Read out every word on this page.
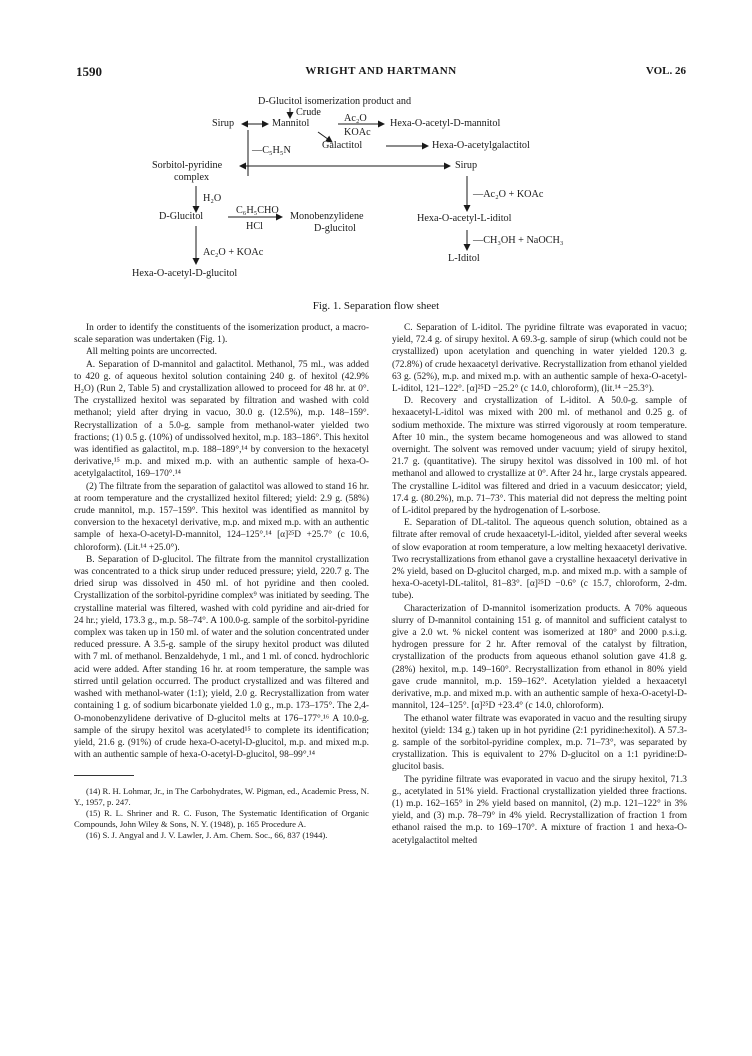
1590	WRIGHT AND HARTMANN	VOL. 26
D-Glucitol isomerization product and
Crude
Sirup	Mannitol	Ac₂O
KOAc
Hexa-O-acetyl-D-mannitol
Galactitol	Hexa-O-acetylgalactitol
—C₅H₅N
Sorbitol-pyridine
complex
Sirup
H₂O
D-Glucitol
C₆H₅CHO
HCl
Monobenzylidene
D-glucitol
—Ac₂O + KOAc
Hexa-O-acetyl-L-iditol
—CH₃OH + NaOCH₃
L-Iditol
Ac₂O + KOAc
Hexa-O-acetyl-D-glucitol
Fig. 1. Separation flow sheet

In order to identify the constituents of the isomerization product, a macro-scale separation was undertaken (Fig. 1).

All melting points are uncorrected.

A. Separation of D-mannitol and galactitol. Methanol, 75 ml., was added to 420 g. of aqueous hexitol solution containing 240 g. of hexitol (42.9% H₂O) (Run 2, Table 5) and crystallization allowed to proceed for 48 hr. at 0°. The crystallized hexitol was separated by filtration and washed with cold methanol; yield after drying in vacuo, 30.0 g. (12.5%), m.p. 148–159°. Recrystallization of a 5.0-g. sample from methanol-water yielded two fractions; (1) 0.5 g. (10%) of undissolved hexitol, m.p. 183–186°. This hexitol was identified as galactitol, m.p. 188–189°,¹⁴ by conversion to the hexacetyl derivative,¹⁵ m.p. and mixed m.p. with an authentic sample of hexa-O-acetylgalactitol, 169–170°.¹⁴

(2) The filtrate from the separation of galactitol was allowed to stand 16 hr. at room temperature and the crystallized hexitol filtered; yield: 2.9 g. (58%) crude mannitol, m.p. 157–159°. This hexitol was identified as mannitol by conversion to the hexacetyl derivative, m.p. and mixed m.p. with an authentic sample of hexa-O-acetyl-D-mannitol, 124–125°.¹⁴ [α]²⁵D +25.7° (c 10.6, chloroform). (Lit.¹⁴ +25.0°).

B. Separation of D-glucitol. The filtrate from the mannitol crystallization was concentrated to a thick sirup under reduced pressure; yield, 220.7 g. The dried sirup was dissolved in 450 ml. of hot pyridine and then cooled. Crystallization of the sorbitol-pyridine complex⁹ was initiated by seeding. The crystalline material was filtered, washed with cold pyridine and air-dried for 24 hr.; yield, 173.3 g., m.p. 58–74°. A 100.0-g. sample of the sorbitol-pyridine complex was taken up in 150 ml. of water and the solution concentrated under reduced pressure. A 3.5-g. sample of the sirupy hexitol product was diluted with 7 ml. of methanol. Benzaldehyde, 1 ml., and 1 ml. of concd. hydrochloric acid were added. After standing 16 hr. at room temperature, the sample was stirred until gelation occurred. The product crystallized and was filtered and washed with methanol-water (1:1); yield, 2.0 g. Recrystallization from water containing 1 g. of sodium bicarbonate yielded 1.0 g., m.p. 173–175°. The 2,4-O-monobenzylidene derivative of D-glucitol melts at 176–177°.¹⁶ A 10.0-g. sample of the sirupy hexitol was acetylated¹⁵ to complete its identification; yield, 21.6 g. (91%) of crude hexa-O-acetyl-D-glucitol, m.p. and mixed m.p. with an authentic sample of hexa-O-acetyl-D-glucitol, 98–99°.¹⁴

(14) R. H. Lohmar, Jr., in The Carbohydrates, W. Pigman, ed., Academic Press, N. Y., 1957, p. 247.

(15) R. L. Shriner and R. C. Fuson, The Systematic Identification of Organic Compounds, John Wiley & Sons, N. Y. (1948), p. 165 Procedure A.

(16) S. J. Angyal and J. V. Lawler, J. Am. Chem. Soc., 66, 837 (1944).

C. Separation of L-iditol. The pyridine filtrate was evaporated in vacuo; yield, 72.4 g. of sirupy hexitol. A 69.3-g. sample of sirup (which could not be crystallized) upon acetylation and quenching in water yielded 120.3 g. (72.8%) of crude hexaacetyl derivative. Recrystallization from ethanol yielded 63 g. (52%), m.p. and mixed m.p. with an authentic sample of hexa-O-acetyl-L-iditol, 121–122°. [α]²⁵D −25.2° (c 14.0, chloroform), (lit.¹⁴ −25.3°).

D. Recovery and crystallization of L-iditol. A 50.0-g. sample of hexaacetyl-L-iditol was mixed with 200 ml. of methanol and 0.25 g. of sodium methoxide. The mixture was stirred vigorously at room temperature. After 10 min., the system became homogeneous and was allowed to stand overnight. The solvent was removed under vacuum; yield of sirupy hexitol, 21.7 g. (quantitative). The sirupy hexitol was dissolved in 100 ml. of hot methanol and allowed to crystallize at 0°. After 24 hr., large crystals appeared. The crystalline L-iditol was filtered and dried in a vacuum desiccator; yield, 17.4 g. (80.2%), m.p. 71–73°. This material did not depress the melting point of L-iditol prepared by the hydrogenation of L-sorbose.

E. Separation of DL-talitol. The aqueous quench solution, obtained as a filtrate after removal of crude hexaacetyl-L-iditol, yielded after several weeks of slow evaporation at room temperature, a low melting hexaacetyl derivative. Two recrystallizations from ethanol gave a crystalline hexaacetyl derivative in 2% yield, based on D-glucitol charged, m.p. and mixed m.p. with a sample of hexa-O-acetyl-DL-talitol, 81–83°. [α]²⁵D −0.6° (c 15.7, chloroform, 2-dm. tube).

Characterization of D-mannitol isomerization products. A 70% aqueous slurry of D-mannitol containing 151 g. of mannitol and sufficient catalyst to give a 2.0 wt. % nickel content was isomerized at 180° and 2000 p.s.i.g. hydrogen pressure for 2 hr. After removal of the catalyst by filtration, crystallization of the products from aqueous ethanol solution gave 41.8 g. (28%) hexitol, m.p. 149–160°. Recrystallization from ethanol in 80% yield gave crude mannitol, m.p. 159–162°. Acetylation yielded a hexaacetyl derivative, m.p. and mixed m.p. with an authentic sample of hexa-O-acetyl-D-mannitol, 124–125°. [α]²⁵D +23.4° (c 14.0, chloroform).

The ethanol water filtrate was evaporated in vacuo and the resulting sirupy hexitol (yield: 134 g.) taken up in hot pyridine (2:1 pyridine:hexitol). A 57.3-g. sample of the sorbitol-pyridine complex, m.p. 71–73°, was separated by crystallization. This is equivalent to 27% D-glucitol on a 1:1 pyridine:D-glucitol basis.

The pyridine filtrate was evaporated in vacuo and the sirupy hexitol, 71.3 g., acetylated in 51% yield. Fractional crystallization yielded three fractions. (1) m.p. 162–165° in 2% yield based on mannitol, (2) m.p. 121–122° in 3% yield, and (3) m.p. 78–79° in 4% yield. Recrystallization of fraction 1 from ethanol raised the m.p. to 169–170°. A mixture of fraction 1 and hexa-O-acetylgalactitol melted
